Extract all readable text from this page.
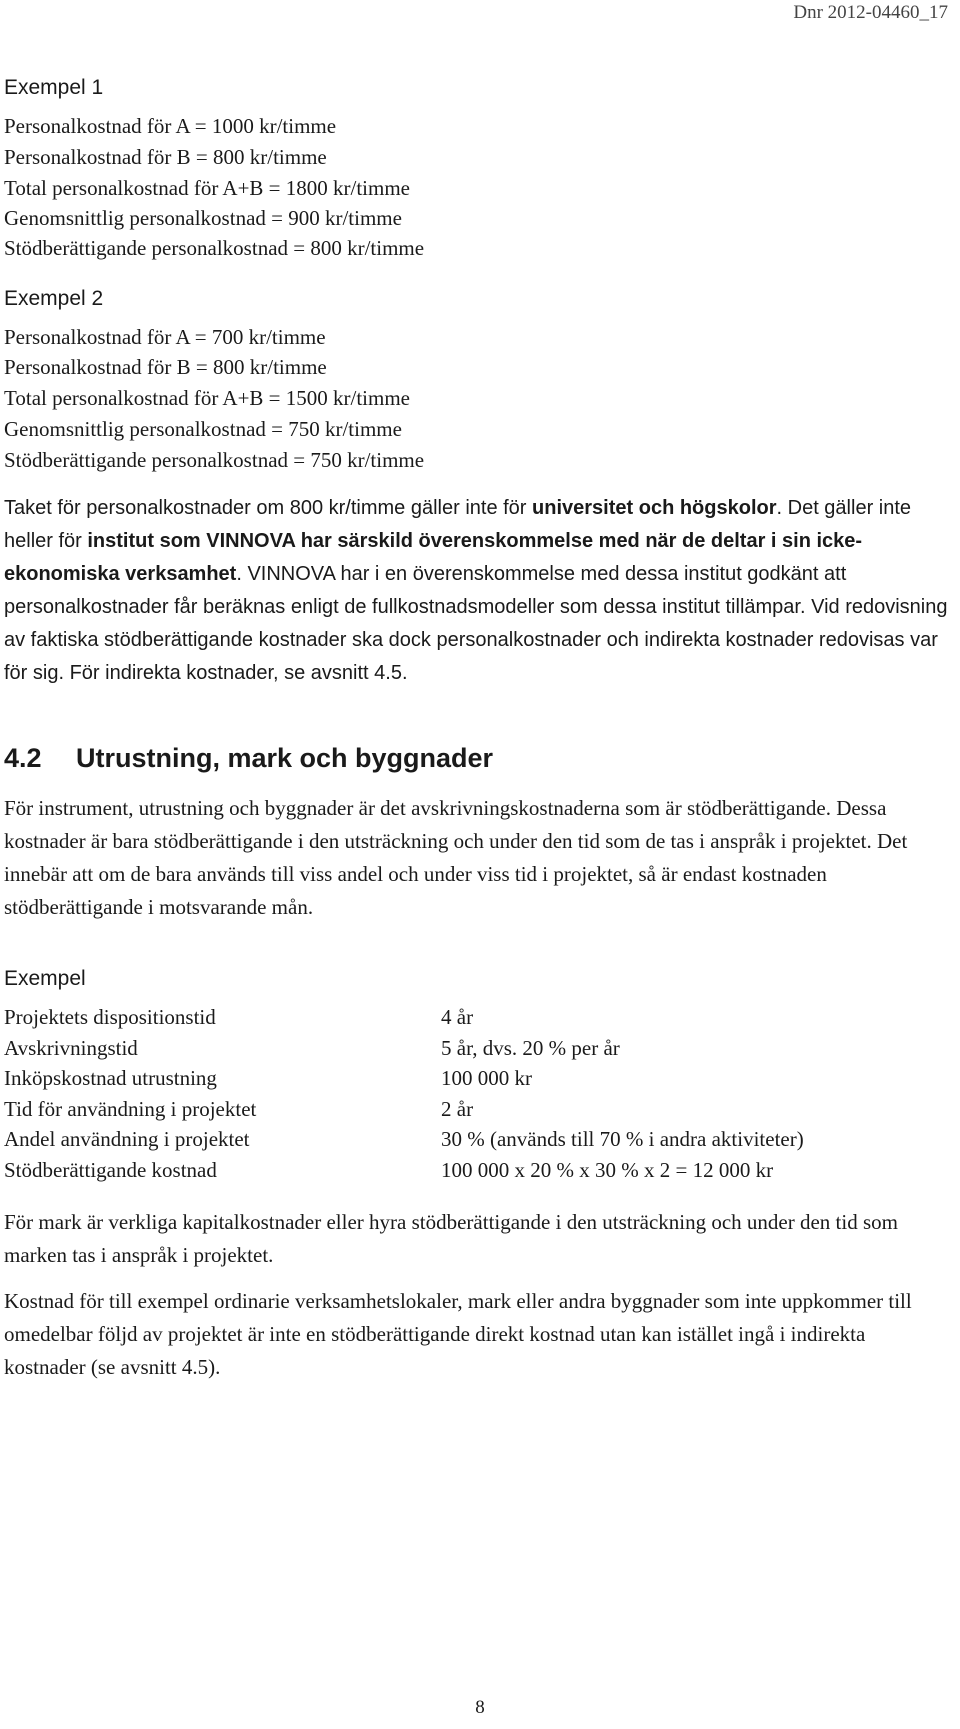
Dnr 2012-04460_17
Exempel 1
Personalkostnad för A = 1000 kr/timme
Personalkostnad för B = 800 kr/timme
Total personalkostnad för A+B = 1800 kr/timme
Genomsnittlig personalkostnad = 900 kr/timme
Stödberättigande personalkostnad = 800 kr/timme
Exempel 2
Personalkostnad för A = 700 kr/timme
Personalkostnad för B = 800 kr/timme
Total personalkostnad för A+B = 1500 kr/timme
Genomsnittlig personalkostnad = 750 kr/timme
Stödberättigande personalkostnad = 750 kr/timme
Taket för personalkostnader om 800 kr/timme gäller inte för universitet och högskolor. Det gäller inte heller för institut som VINNOVA har särskild överenskommelse med när de deltar i sin icke-ekonomiska verksamhet. VINNOVA har i en överenskommelse med dessa institut godkänt att personalkostnader får beräknas enligt de fullkostnadsmodeller som dessa institut tillämpar. Vid redovisning av faktiska stödberättigande kostnader ska dock personalkostnader och indirekta kostnader redovisas var för sig. För indirekta kostnader, se avsnitt 4.5.
4.2 Utrustning, mark och byggnader
För instrument, utrustning och byggnader är det avskrivningskostnaderna som är stödberättigande. Dessa kostnader är bara stödberättigande i den utsträckning och under den tid som de tas i anspråk i projektet. Det innebär att om de bara används till viss andel och under viss tid i projektet, så är endast kostnaden stödberättigande i motsvarande mån.
Exempel
Projektets dispositionstid	4 år
Avskrivningstid	5 år, dvs. 20 % per år
Inköpskostnad utrustning	100 000 kr
Tid för användning i projektet	2 år
Andel användning i projektet	30 % (används till 70 % i andra aktiviteter)
Stödberättigande kostnad	100 000 x 20 % x 30 % x 2 = 12 000 kr
För mark är verkliga kapitalkostnader eller hyra stödberättigande i den utsträckning och under den tid som marken tas i anspråk i projektet.
Kostnad för till exempel ordinarie verksamhetslokaler, mark eller andra byggnader som inte uppkommer till omedelbar följd av projektet är inte en stödberättigande direkt kostnad utan kan istället ingå i indirekta kostnader (se avsnitt 4.5).
8
